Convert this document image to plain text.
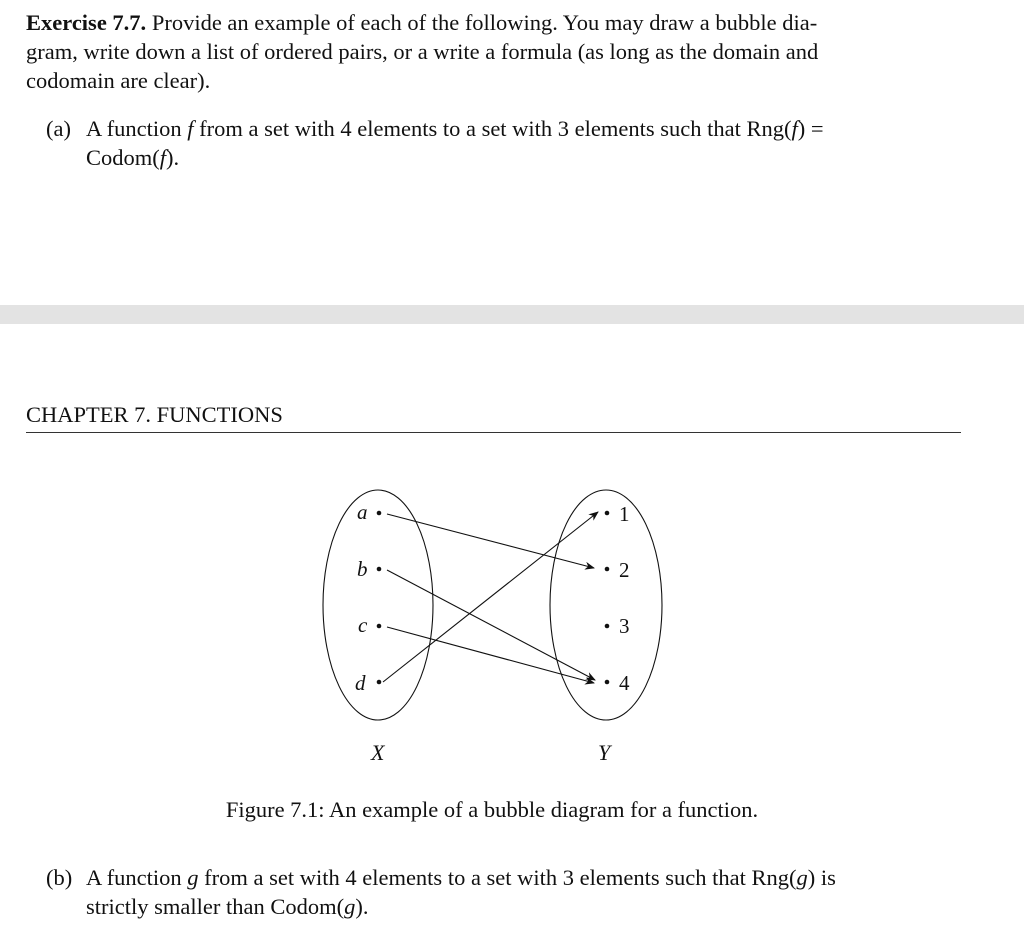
Exercise 7.7. Provide an example of each of the following. You may draw a bubble dia-
gram, write down a list of ordered pairs, or a write a formula (as long as the domain and
codomain are clear).

(a) A function f from a set with 4 elements to a set with 3 elements such that Rng(f) =
Codom(f).
CHAPTER 7. FUNCTIONS
a
b
c
d
1
2
3
4
X	Y
Figure 7.1: An example of a bubble diagram for a function.
(b) A function g from a set with 4 elements to a set with 3 elements such that Rng(g) is
strictly smaller than Codom(g).
